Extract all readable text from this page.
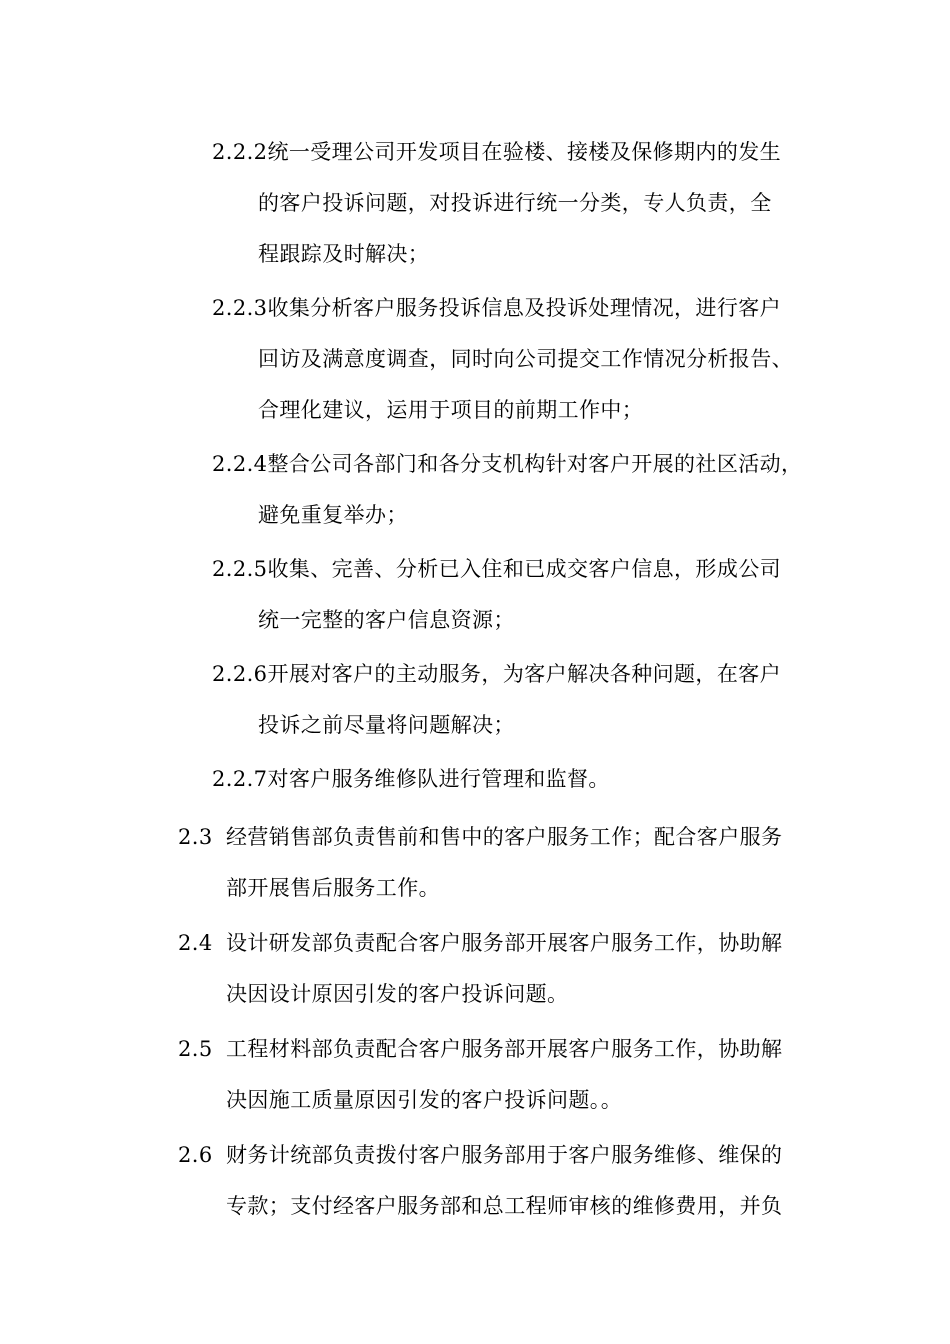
2.2.2统一受理公司开发项目在验楼、接楼及保修期内的发生
的客户投诉问题，对投诉进行统一分类，专人负责，全
程跟踪及时解决；
2.2.3收集分析客户服务投诉信息及投诉处理情况，进行客户
回访及满意度调查，同时向公司提交工作情况分析报告、
合理化建议，运用于项目的前期工作中；
2.2.4整合公司各部门和各分支机构针对客户开展的社区活动，
避免重复举办；
2.2.5收集、完善、分析已入住和已成交客户信息，形成公司
统一完整的客户信息资源；
2.2.6开展对客户的主动服务，为客户解决各种问题，在客户
投诉之前尽量将问题解决；
2.2.7对客户服务维修队进行管理和监督。
2.3 经营销售部负责售前和售中的客户服务工作；配合客户服务
部开展售后服务工作。
2.4 设计研发部负责配合客户服务部开展客户服务工作，协助解
决因设计原因引发的客户投诉问题。
2.5 工程材料部负责配合客户服务部开展客户服务工作，协助解
决因施工质量原因引发的客户投诉问题。。
2.6 财务计统部负责拨付客户服务部用于客户服务维修、维保的
专款；支付经客户服务部和总工程师审核的维修费用，并负
